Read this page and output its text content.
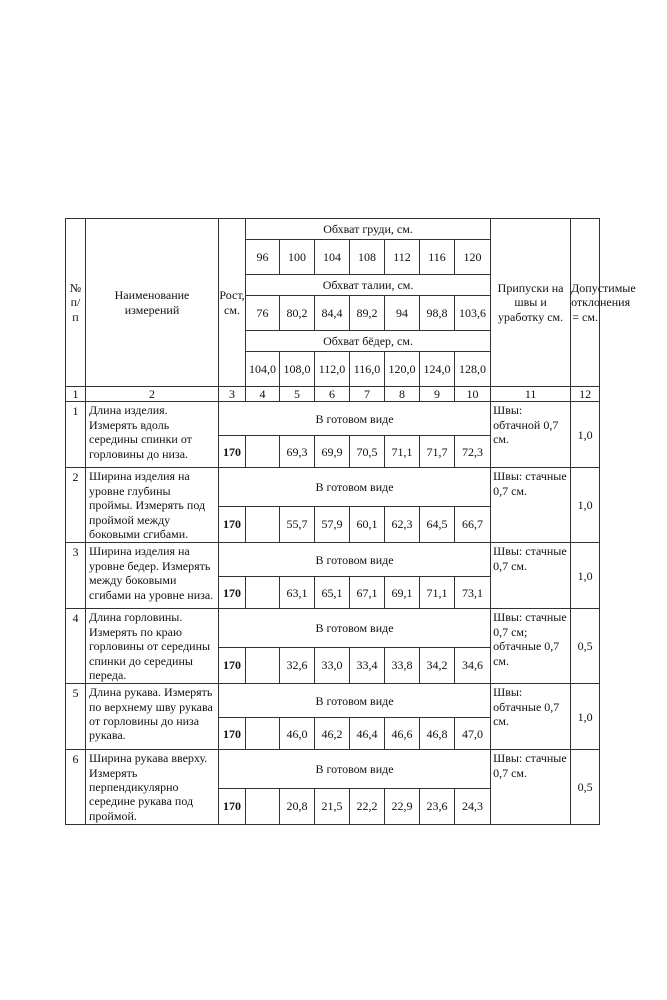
№ п/ п	Наименование измерений	Рост, см.	Обхват груди, см.							Припуски на швы и уработку см.	Допустимые отклонения = см.
			96	100	104	108	112	116	120		
			Обхват талии, см.								
			76	80,2	84,4	89,2	94	98,8	103,6		
			Обхват бёдер, см.								
			104,0	108,0	112,0	116,0	120,0	124,0	128,0		
1	2	3	4	5	6	7	8	9	10	11	12
1	Длина изделия. Измерять вдоль середины спинки от горловины до низа.	В готовом виде								Швы: обтачной 0,7 см.	1,0
		170		69,3	69,9	70,5	71,1	71,7	72,3		
2	Ширина изделия на уровне глубины проймы. Измерять под проймой между боковыми сгибами.	В готовом виде								Швы: стачные 0,7 см.	1,0
		170		55,7	57,9	60,1	62,3	64,5	66,7		
3	Ширина изделия на уровне бедер. Измерять между боковыми сгибами на уровне низа.	В готовом виде								Швы: стачные 0,7 см.	1,0
		170		63,1	65,1	67,1	69,1	71,1	73,1		
4	Длина горловины. Измерять по краю горловины от середины спинки до середины переда.	В готовом виде								Швы: стачные 0,7 см; обтачные 0,7 см.	0,5
		170		32,6	33,0	33,4	33,8	34,2	34,6		
5	Длина рукава. Измерять по верхнему шву рукава от горловины до низа рукава.	В готовом виде								Швы: обтачные 0,7 см.	1,0
		170		46,0	46,2	46,4	46,6	46,8	47,0		
6	Ширина рукава вверху. Измерять перпендикулярно середине рукава под проймой.	В готовом виде								Швы: стачные 0,7 см.	0,5
		170		20,8	21,5	22,2	22,9	23,6	24,3		
